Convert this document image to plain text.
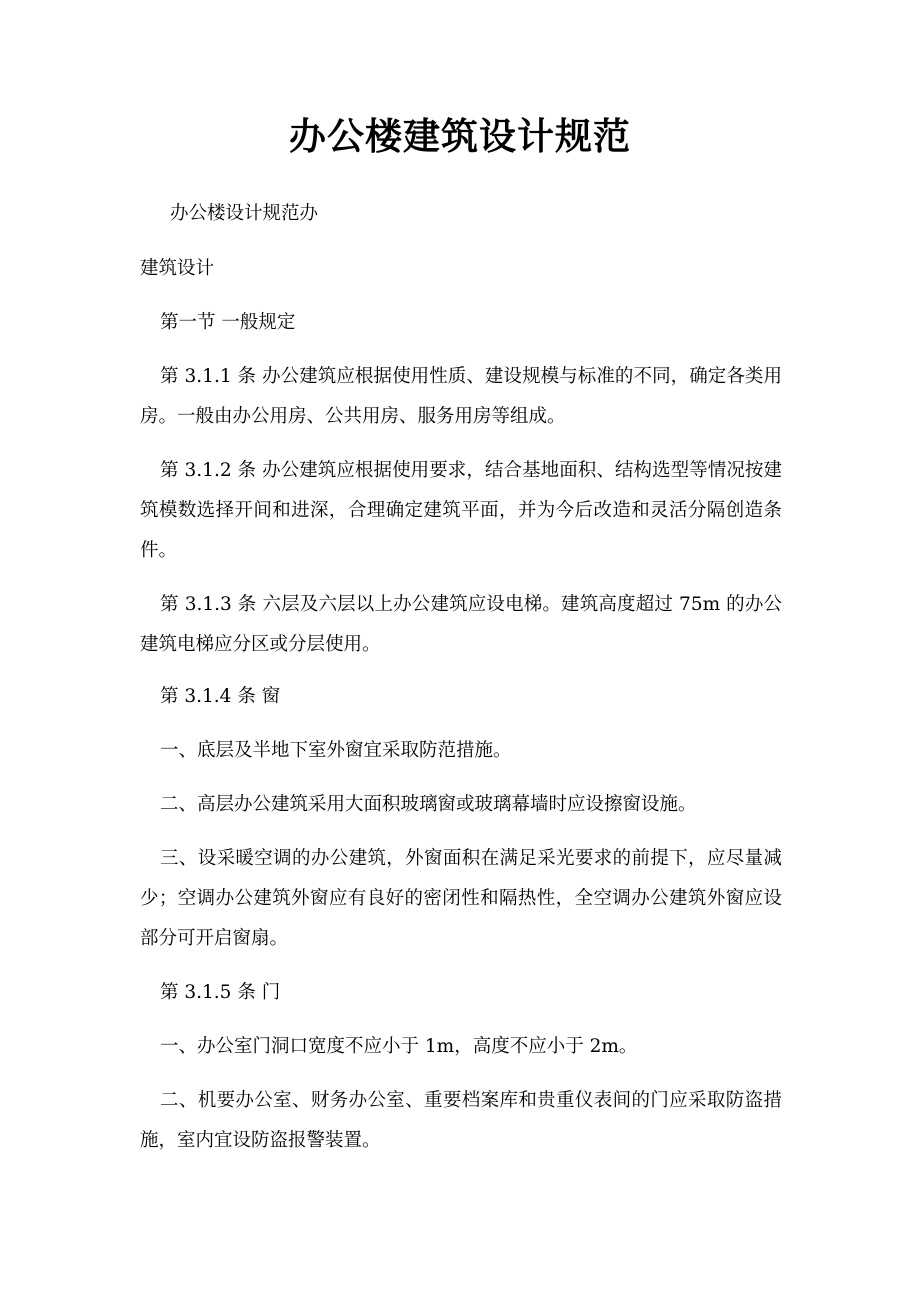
办公楼建筑设计规范
办公楼设计规范办
建筑设计
第一节 一般规定
第 3.1.1 条 办公建筑应根据使用性质、建设规模与标准的不同，确定各类用房。一般由办公用房、公共用房、服务用房等组成。
第 3.1.2 条 办公建筑应根据使用要求，结合基地面积、结构选型等情况按建筑模数选择开间和进深，合理确定建筑平面，并为今后改造和灵活分隔创造条件。
第 3.1.3 条 六层及六层以上办公建筑应设电梯。建筑高度超过 75m 的办公建筑电梯应分区或分层使用。
第 3.1.4 条 窗
一、底层及半地下室外窗宜采取防范措施。
二、高层办公建筑采用大面积玻璃窗或玻璃幕墙时应设擦窗设施。
三、设采暖空调的办公建筑，外窗面积在满足采光要求的前提下，应尽量减少；空调办公建筑外窗应有良好的密闭性和隔热性，全空调办公建筑外窗应设部分可开启窗扇。
第 3.1.5 条 门
一、办公室门洞口宽度不应小于 1m，高度不应小于 2m。
二、机要办公室、财务办公室、重要档案库和贵重仪表间的门应采取防盗措施，室内宜设防盗报警装置。
